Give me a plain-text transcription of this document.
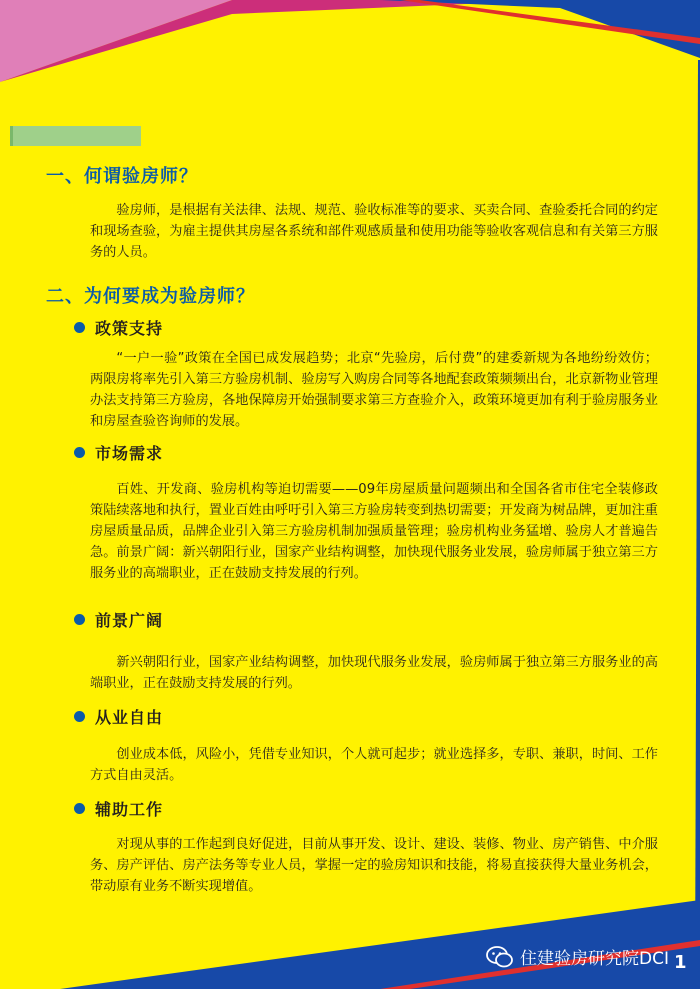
一、何谓验房师？
验房师，是根据有关法律、法规、规范、验收标准等的要求、买卖合同、查验委托合同的约定和现场查验，为雇主提供其房屋各系统和部件观感质量和使用功能等验收客观信息和有关第三方服务的人员。
二、为何要成为验房师？
政策支持
“一户一验”政策在全国已成发展趋势；北京“先验房，后付费”的建委新规为各地纷纷效仿；两限房将率先引入第三方验房机制、验房写入购房合同等各地配套政策频频出台，北京新物业管理办法支持第三方验房，各地保障房开始强制要求第三方查验介入，政策环境更加有利于验房服务业和房屋查验咨询师的发展。
市场需求
百姓、开发商、验房机构等迫切需要——09年房屋质量问题频出和全国各省市住宅全装修政策陆续落地和执行，置业百姓由呼吁引入第三方验房转变到热切需要；开发商为树品牌，更加注重房屋质量品质，品牌企业引入第三方验房机制加强质量管理；验房机构业务猛增、验房人才普遍告急。前景广阔：新兴朝阳行业，国家产业结构调整，加快现代服务业发展，验房师属于独立第三方服务业的高端职业，正在鼓励支持发展的行列。
前景广阔
新兴朝阳行业，国家产业结构调整，加快现代服务业发展，验房师属于独立第三方服务业的高端职业，正在鼓励支持发展的行列。
从业自由
创业成本低，风险小，凭借专业知识，个人就可起步；就业选择多，专职、兼职，时间、工作方式自由灵活。
辅助工作
对现从事的工作起到良好促进，目前从事开发、设计、建设、装修、物业、房产销售、中介服务、房产评估、房产法务等专业人员，掌握一定的验房知识和技能，将易直接获得大量业务机会，带动原有业务不断实现增值。
住建验房研究院DCI 1
